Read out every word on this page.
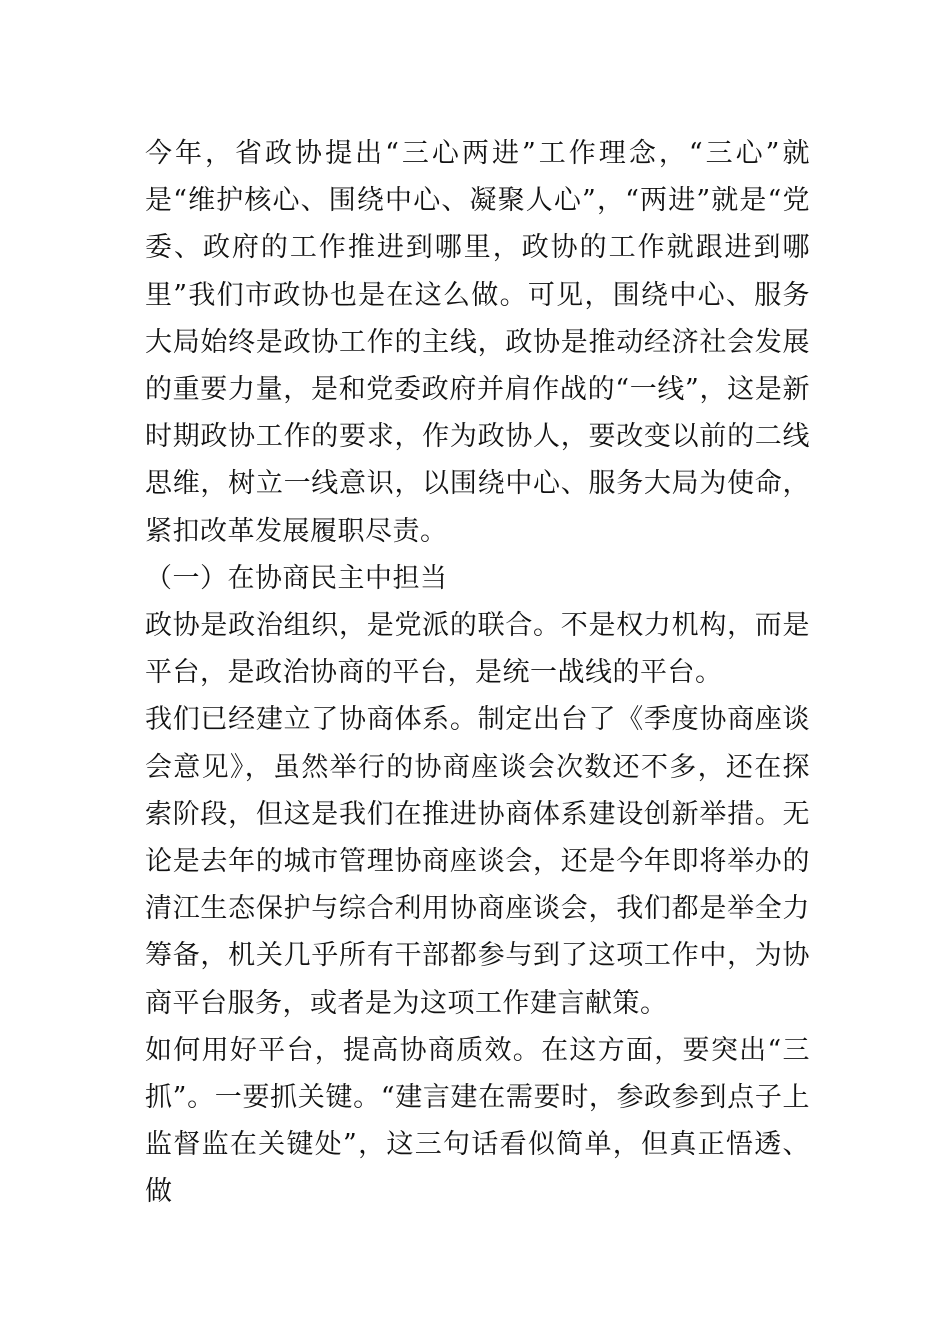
今年，省政协提出“三心两进”工作理念，“三心”就是“维护核心、围绕中心、凝聚人心”，“两进”就是“党委、政府的工作推进到哪里，政协的工作就跟进到哪里”我们市政协也是在这么做。可见，围绕中心、服务大局始终是政协工作的主线，政协是推动经济社会发展的重要力量，是和党委政府并肩作战的“一线”，这是新时期政协工作的要求，作为政协人，要改变以前的二线思维，树立一线意识，以围绕中心、服务大局为使命，紧扣改革发展履职尽责。

（一）在协商民主中担当

政协是政治组织，是党派的联合。不是权力机构，而是平台，是政治协商的平台，是统一战线的平台。

我们已经建立了协商体系。制定出台了《季度协商座谈会意见》，虽然举行的协商座谈会次数还不多，还在探索阶段，但这是我们在推进协商体系建设创新举措。无论是去年的城市管理协商座谈会，还是今年即将举办的清江生态保护与综合利用协商座谈会，我们都是举全力筹备，机关几乎所有干部都参与到了这项工作中，为协商平台服务，或者是为这项工作建言献策。

如何用好平台，提高协商质效。在这方面，要突出“三抓”。一要抓关键。“建言建在需要时，参政参到点子上监督监在关键处”，这三句话看似简单，但真正悟透、做
